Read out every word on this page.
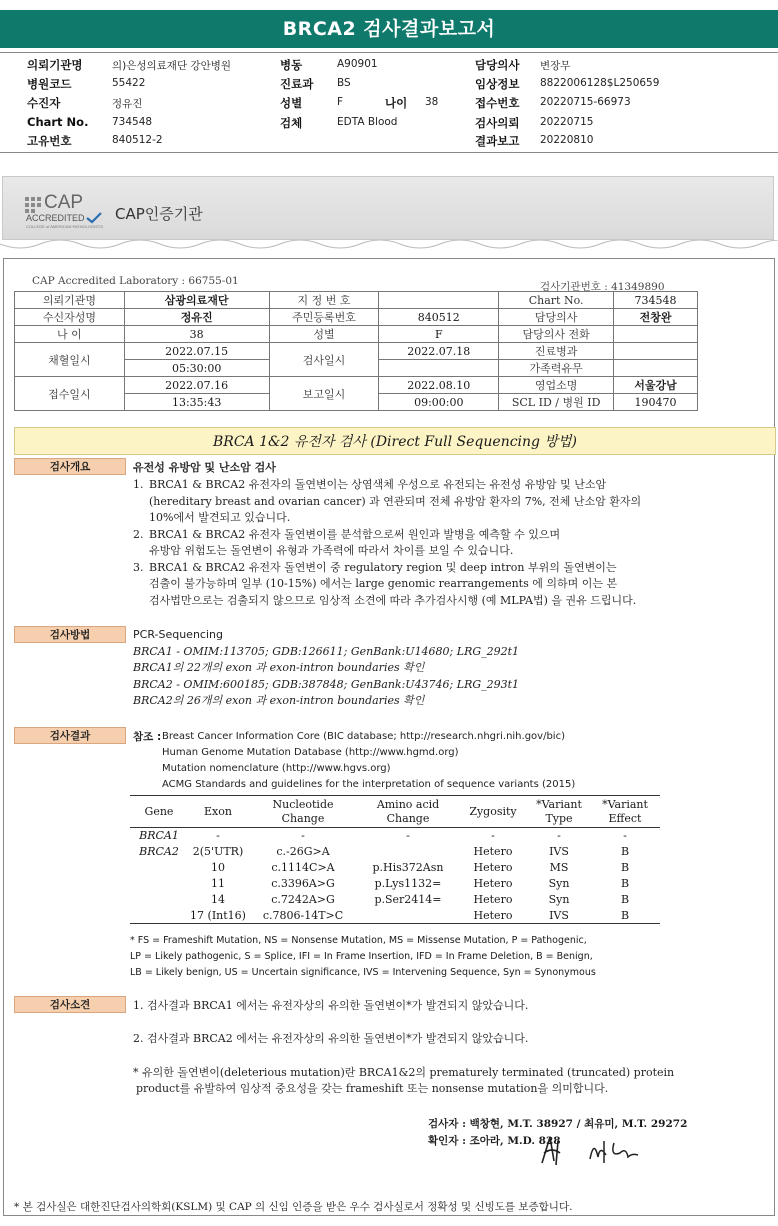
BRCA2 검사결과보고서
의뢰기관명	의)은성의료재단 강안병원	병동	A90901	담당의사 변장무
병원코드	55422	진료과 BS	임상정보 8822006128$L250659
수진자	정유진	성별	F	접수번호 20220715-66973
Chart No. 734548	검체	EDTA Blood	검사의뢰 20220715
고유번호	840512-2	결과보고 20220810
나이 38
CAP
ACCREDITED
COLLEGE of AMERICAN PATHOLOGISTS
CAP인증기관
CAP Accredited Laboratory : 66755-01	검사기관번호 : 41349890
의뢰기관명	삼광의료재단	지 정 번 호		Chart No.	734548
수신자성명	정유진	주민등록번호	840512	담당의사	전창완
나 이	38	성별	F	담당의사 전화	
채혈일시	2022.07.15	검사일시	2022.07.18	진료병과	
	05:30:00			가족력유무	
접수일시	2022.07.16	보고일시	2022.08.10	영업소명	서울강남
	13:35:43		09:00:00	SCL ID / 병원 ID	190470
BRCA 1&2 유전자 검사 (Direct Full Sequencing 방법)
검사개요	유전성 유방암 및 난소암 검사
1. BRCA1 & BRCA2 유전자의 돌연변이는 상염색체 우성으로 유전되는 유전성 유방암 및 난소암
(hereditary breast and ovarian cancer) 과 연관되며 전체 유방암 환자의 7%, 전체 난소암 환자의
10%에서 발견되고 있습니다.
2. BRCA1 & BRCA2 유전자 돌연변이를 분석함으로써 원인과 발병을 예측할 수 있으며
유방암 위험도는 돌연변이 유형과 가족력에 따라서 차이를 보일 수 있습니다.
3. BRCA1 & BRCA2 유전자 돌연변이 중 regulatory region 및 deep intron 부위의 돌연변이는
검출이 불가능하며 일부 (10-15%) 에서는 large genomic rearrangements 에 의하며 이는 본
검사법만으로는 검출되지 않으므로 임상적 소견에 따라 추가검사시행 (예 MLPA법) 을 권유 드립니다.
검사방법	PCR-Sequencing
BRCA1 - OMIM:113705; GDB:126611; GenBank:U14680; LRG_292t1
BRCA1의 22개의 exon 과 exon-intron boundaries 확인
BRCA2 - OMIM:600185; GDB:387848; GenBank:U43746; LRG_293t1
BRCA2의 26개의 exon 과 exon-intron boundaries 확인
검사결과	참조 : Breast Cancer Information Core (BIC database; http://research.nhgri.nih.gov/bic)
Human Genome Mutation Database (http://www.hgmd.org)
Mutation nomenclature (http://www.hgvs.org)
ACMG Standards and guidelines for the interpretation of sequence variants (2015)
Gene	Exon	Nucleotide Change	Amino acid Change	Zygosity	*Variant Type	*Variant Effect
BRCA1	-	-	-	-	-	-
BRCA2	2(5'UTR)	c.-26G>A		Hetero	IVS	B
	10	c.1114C>A	p.His372Asn	Hetero	MS	B
	11	c.3396A>G	p.Lys1132=	Hetero	Syn	B
	14	c.7242A>G	p.Ser2414=	Hetero	Syn	B
	17 (Int16)	c.7806-14T>C		Hetero	IVS	B
* FS = Frameshift Mutation, NS = Nonsense Mutation, MS = Missense Mutation, P = Pathogenic,
LP = Likely pathogenic, S = Splice, IFI = In Frame Insertion, IFD = In Frame Deletion, B = Benign,
LB = Likely benign, US = Uncertain significance, IVS = Intervening Sequence, Syn = Synonymous
검사소견	1. 검사결과 BRCA1 에서는 유전자상의 유의한 돌연변이*가 발견되지 않았습니다.
2. 검사결과 BRCA2 에서는 유전자상의 유의한 돌연변이*가 발견되지 않았습니다.
* 유의한 돌연변이(deleterious mutation)란 BRCA1&2의 prematurely terminated (truncated) protein
product를 유발하여 임상적 중요성을 갖는 frameshift 또는 nonsense mutation을 의미합니다.
검사자 : 백창현, M.T. 38927 / 최유미, M.T. 29272
확인자 : 조아라, M.D. 828
* 본 검사실은 대한진단검사의학회(KSLM) 및 CAP 의 신임 인증을 받은 우수 검사실로서 정확성 및 신빙도를 보증합니다.
